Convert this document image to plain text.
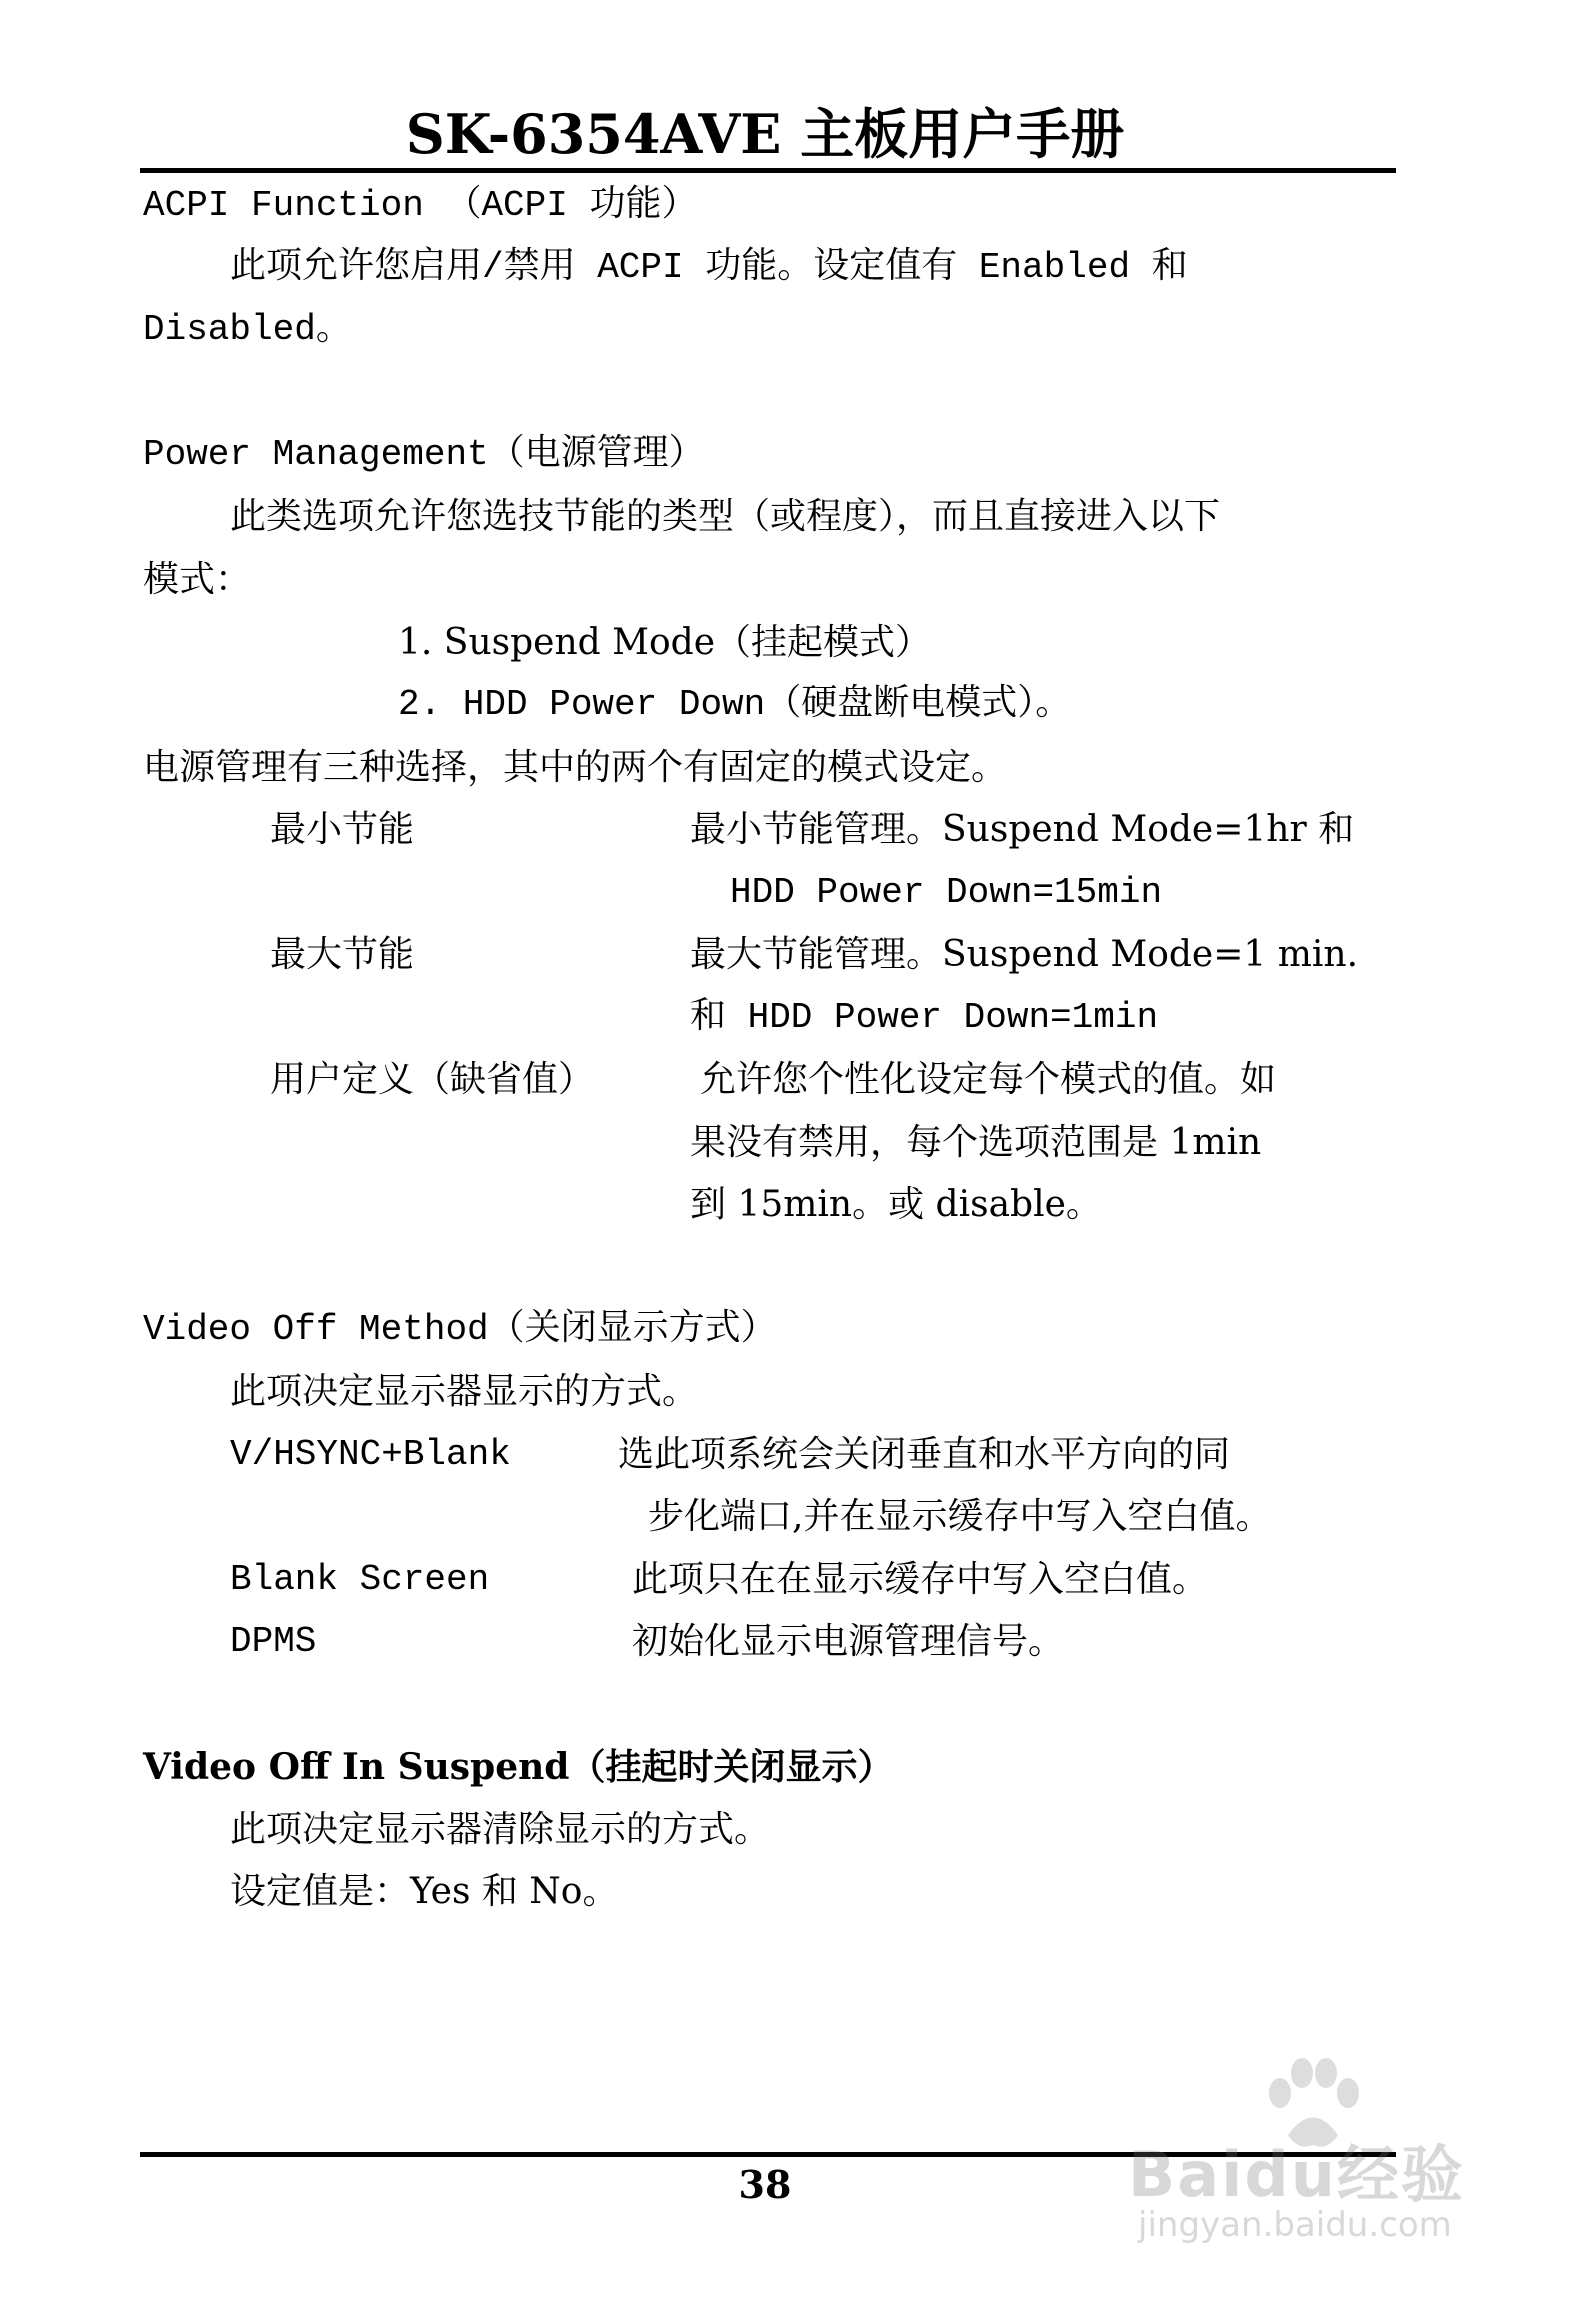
SK-6354AVE 主板用户手册
ACPI Function （ACPI 功能）
此项允许您启用/禁用 ACPI 功能。设定值有 Enabled 和
Disabled。
Power Management（电源管理）
此类选项允许您选技节能的类型（或程度），而且直接进入以下
模式：
1. Suspend Mode（挂起模式）
2. HDD Power Down（硬盘断电模式）。
电源管理有三种选择，其中的两个有固定的模式设定。
最小节能	最小节能管理。Suspend Mode=1hr 和
HDD Power Down=15min
最大节能	最大节能管理。Suspend Mode=1 min.
和 HDD Power Down=1min
用户定义（缺省值）	允许您个性化设定每个模式的值。如
果没有禁用，每个选项范围是 1min
到 15min。或 disable。
Video Off Method（关闭显示方式）
此项决定显示器显示的方式。
V/HSYNC+Blank	选此项系统会关闭垂直和水平方向的同
步化端口,并在显示缓存中写入空白值。
Blank Screen	此项只在在显示缓存中写入空白值。
DPMS	初始化显示电源管理信号。
Video Off In Suspend（挂起时关闭显示）
此项决定显示器清除显示的方式。
设定值是：Yes 和 No。
38	Baidu经验
jingyan.baidu.com
